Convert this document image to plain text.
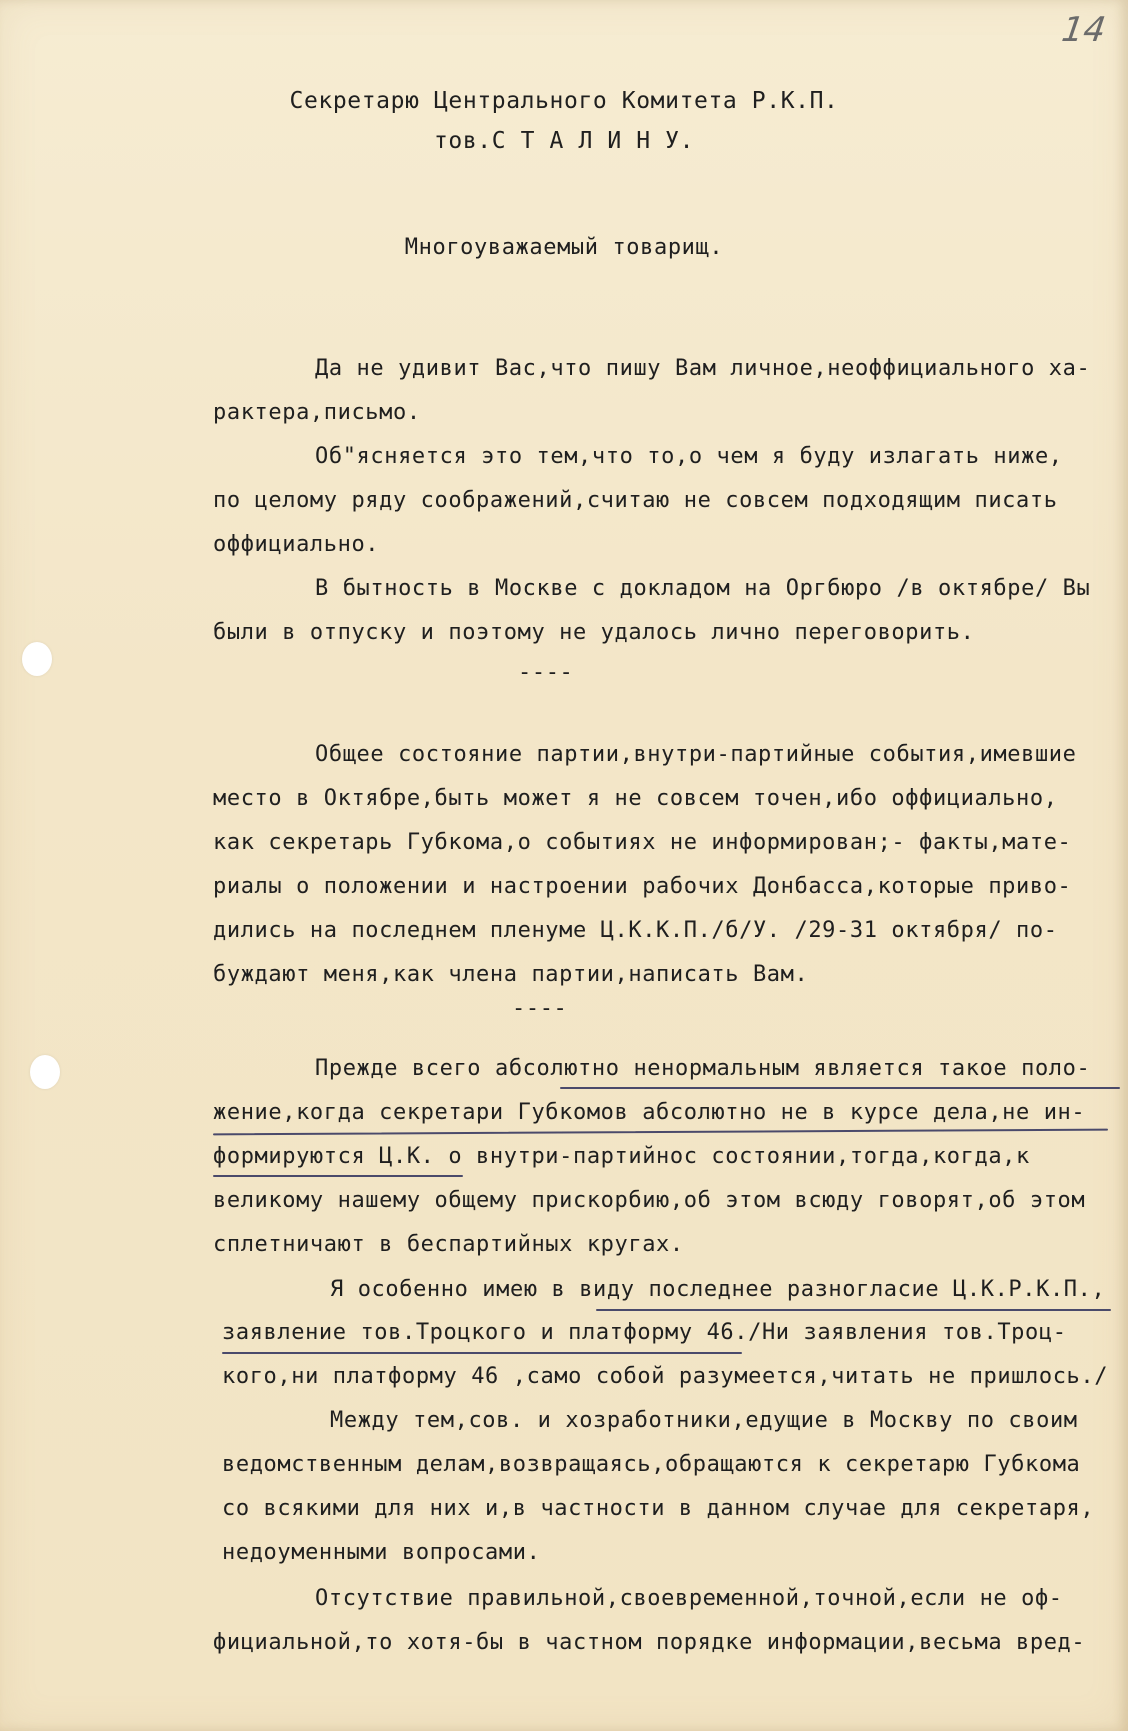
14
Секретарю Центрального Комитета Р.К.П.
тов.С Т А Л И Н У.
Многоуважаемый товарищ.
Да не удивит Вас,что пишу Вам личное,неоффициального ха-
рактера,письмо.
Об"ясняется это тем,что то,о чем я буду излагать ниже,
по целому ряду соображений,считаю не совсем подходящим писать
оффициально.
В бытность в Москве с докладом на Оргбюро /в октябре/ Вы
были в отпуску и поэтому не удалось лично переговорить.
----
Общее состояние партии,внутри-партийные события,имевшие
место в Октябре,быть может я не совсем точен,ибо оффициально,
как секретарь Губкома,о событиях не информирован;- факты,мате-
риалы о положении и настроении рабочих Донбасса,которые приво-
дились на последнем пленуме Ц.К.К.П./б/У. /29-31 октября/ по-
буждают меня,как члена партии,написать Вам.
----
Прежде всего абсолютно ненормальным является такое поло-
жение,когда секретари Губкомов абсолютно не в курсе дела,не ин-
формируются Ц.К. о внутри-партийнос состоянии,тогда,когда,к
великому нашему общему прискорбию,об этом всюду говорят,об этом
сплетничают в беспартийных кругах.
Я особенно имею в виду последнее разногласие Ц.К.Р.К.П.,
заявление тов.Троцкого и платформу 46./Ни заявления тов.Троц-
кого,ни платформу 46 ,само собой разумеется,читать не пришлось./
Между тем,сов. и хозработники,едущие в Москву по своим
ведомственным делам,возвращаясь,обращаются к секретарю Губкома
со всякими для них и,в частности в данном случае для секретаря,
недоуменными вопросами.
Отсутствие правильной,своевременной,точной,если не оф-
фициальной,то хотя-бы в частном порядке информации,весьма вред-
